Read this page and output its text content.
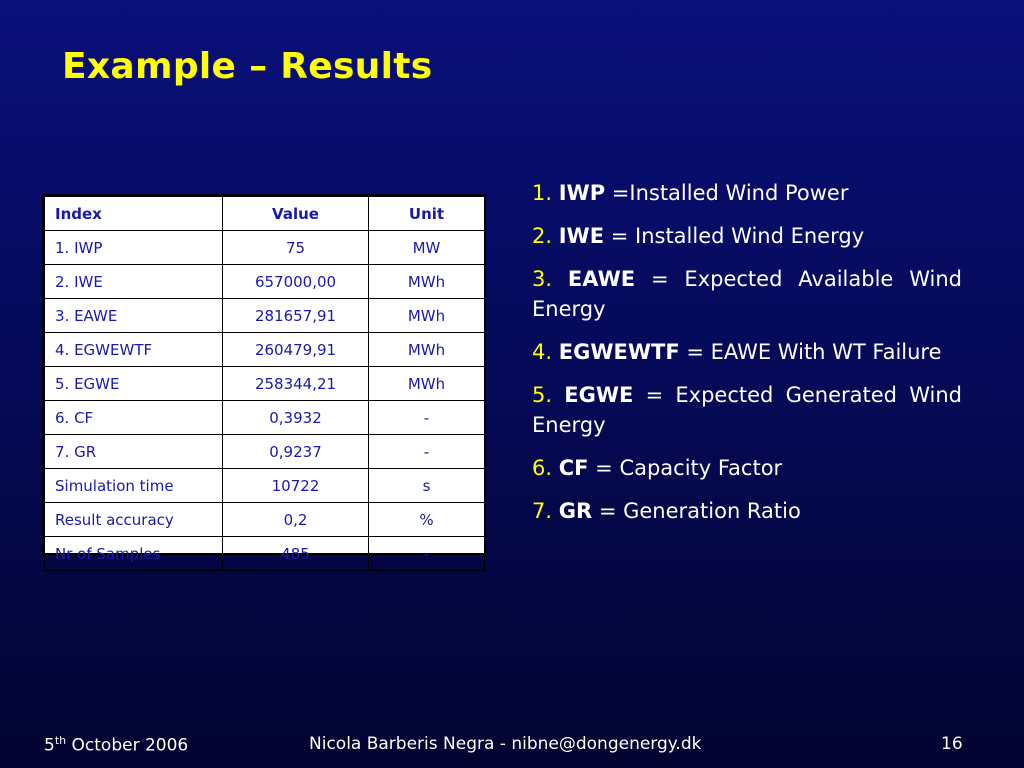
Example – Results
Index	Value	Unit
1. IWP	75	MW
2. IWE	657000,00	MWh
3. EAWE	281657,91	MWh
4. EGWEWTF	260479,91	MWh
5. EGWE	258344,21	MWh
6. CF	0,3932	-
7. GR	0,9237	-
Simulation time	10722	s
Result accuracy	0,2	%
Nr of Samples	485	-
1. IWP =Installed Wind Power
2. IWE = Installed Wind Energy
3. EAWE = Expected Available Wind Energy
4. EGWEWTF = EAWE With WT Failure
5. EGWE = Expected Generated Wind Energy
6. CF = Capacity Factor
7. GR = Generation Ratio
5th October 2006	Nicola Barberis Negra - nibne@dongenergy.dk	16
